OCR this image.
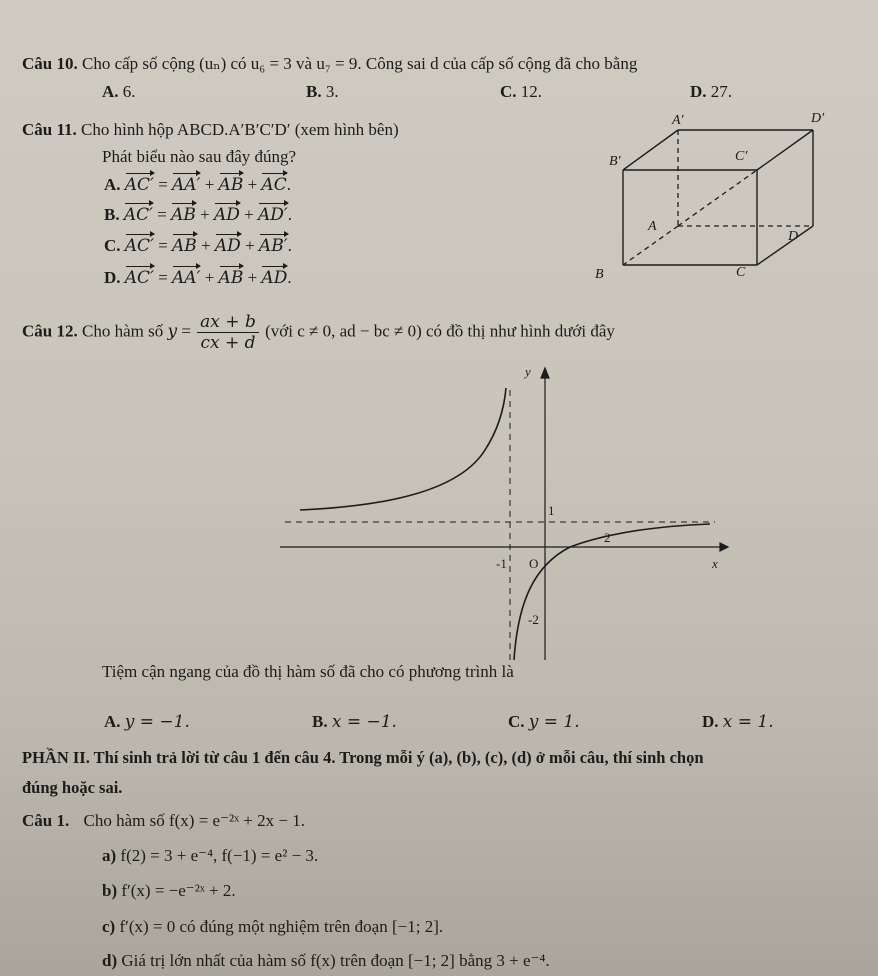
Câu 10. Cho cấp số cộng (uₙ) có u₆ = 3 và u₇ = 9. Công sai d của cấp số cộng đã cho bằng
A. 6.	B. 3.	C. 12.	D. 27.
Câu 11. Cho hình hộp ABCD.A′B′C′D′ (xem hình bên)
Phát biểu nào sau đây đúng?
A. AC′ = AA′ + AB + AC.
B. AC′ = AB + AD + AD′.
C. AC′ = AB + AD + AB′.
D. AC′ = AA′ + AB + AD.
A′	D′
B′	C′
A
D
B	C
Câu 12. Cho hàm số $y = \frac{ax + b}{cx + d}$ (với c ≠ 0, ad − bc ≠ 0) có đồ thị như hình dưới đây
y
x
1
2
-1
-2
O
Tiệm cận ngang của đồ thị hàm số đã cho có phương trình là
A. y = −1.	B. x = −1.	C. y = 1.	D. x = 1.
PHẦN II. Thí sinh trả lời từ câu 1 đến câu 4. Trong mỗi ý (a), (b), (c), (d) ở mỗi câu, thí sinh chọn
đúng hoặc sai.
Câu 1. Cho hàm số f(x) = e⁻²ˣ + 2x − 1.
a) f(2) = 3 + e⁻⁴, f(−1) = e² − 3.
b) f′(x) = −e⁻²ˣ + 2.
c) f′(x) = 0 có đúng một nghiệm trên đoạn [−1; 2].
d) Giá trị lớn nhất của hàm số f(x) trên đoạn [−1; 2] bằng 3 + e⁻⁴.
